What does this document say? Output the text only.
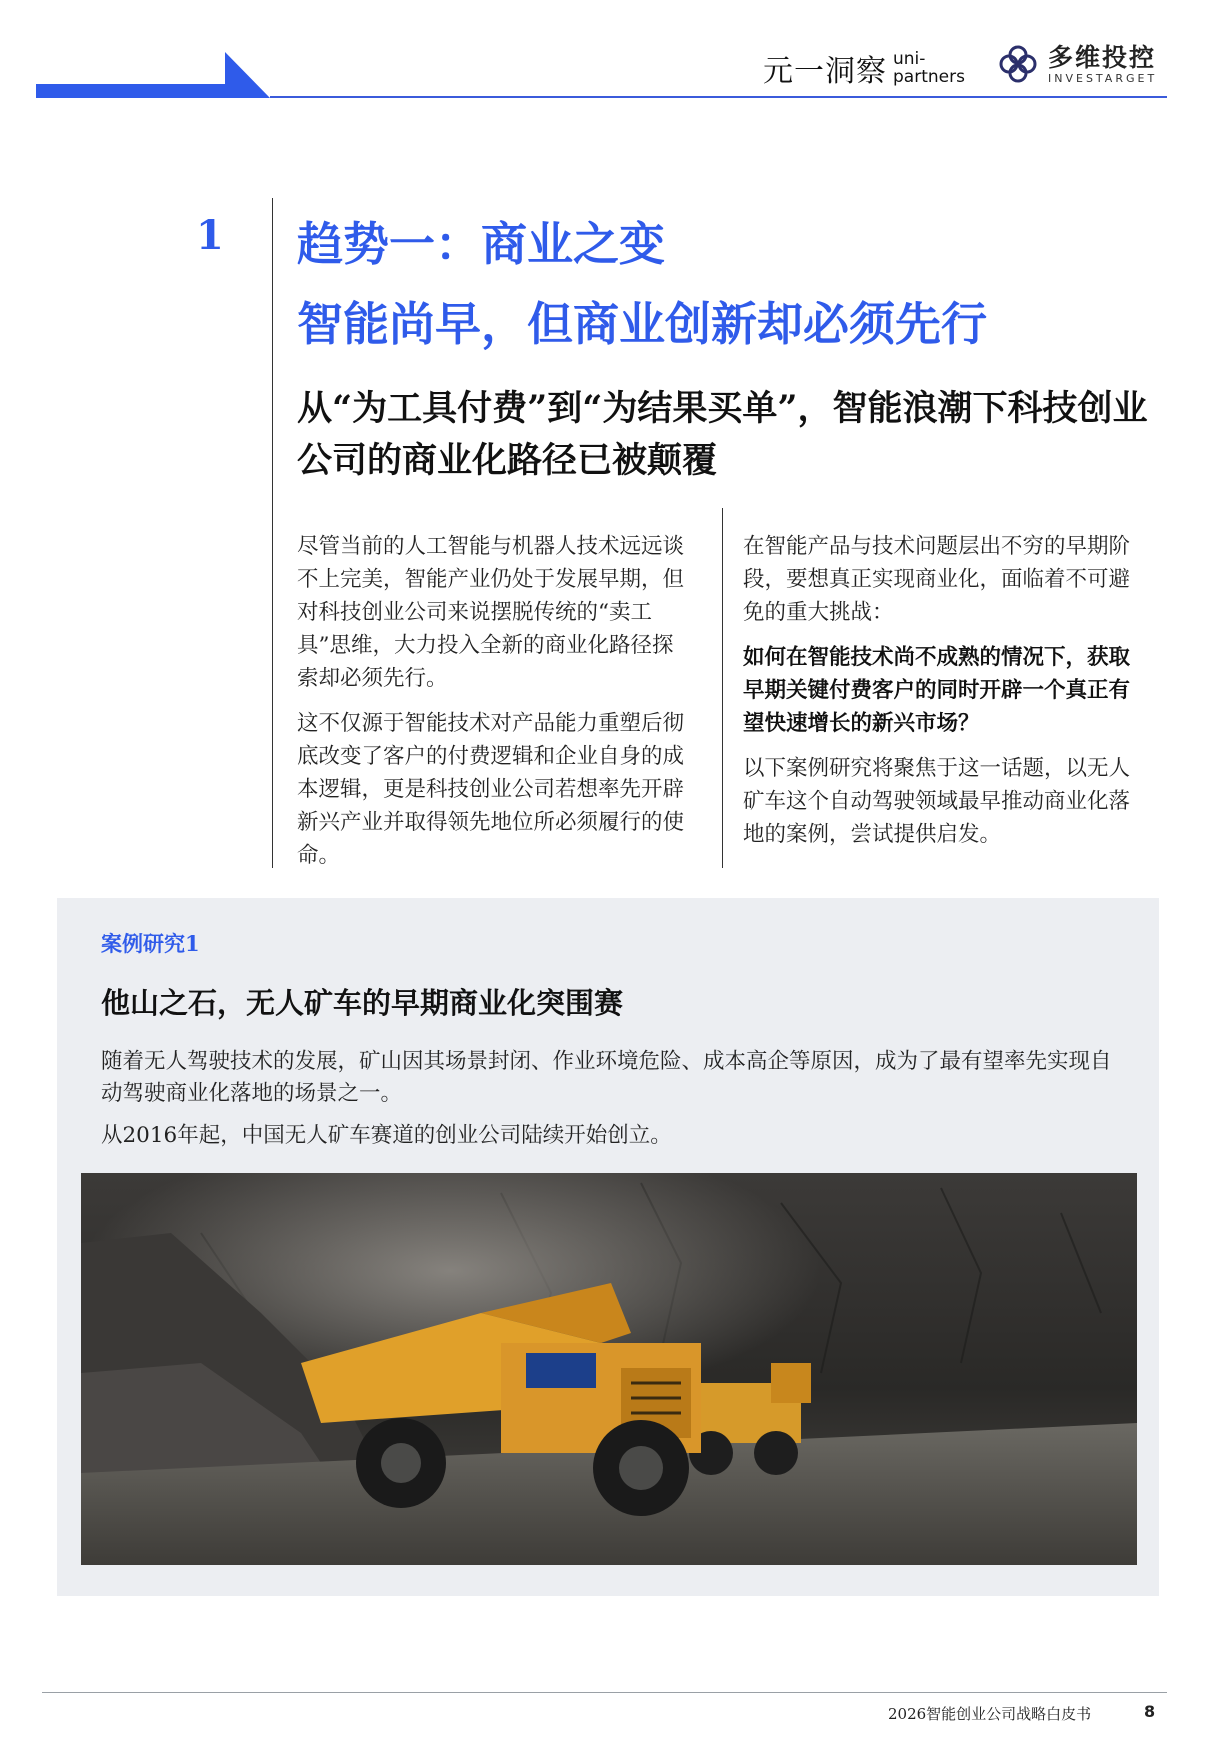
元一洞察 uni-
partners
多维投控
INVESTARGET
1 趋势一：商业之变
智能尚早，但商业创新却必须先行
从“为工具付费”到“为结果买单”，智能浪潮下科技创业公司的商业化路径已被颠覆

尽管当前的人工智能与机器人技术远远谈不上完美，智能产业仍处于发展早期，但对科技创业公司来说摆脱传统的“卖工具”思维，大力投入全新的商业化路径探索却必须先行。

这不仅源于智能技术对产品能力重塑后彻底改变了客户的付费逻辑和企业自身的成本逻辑，更是科技创业公司若想率先开辟新兴产业并取得领先地位所必须履行的使命。

在智能产品与技术问题层出不穷的早期阶段，要想真正实现商业化，面临着不可避免的重大挑战：

如何在智能技术尚不成熟的情况下，获取早期关键付费客户的同时开辟一个真正有望快速增长的新兴市场？

以下案例研究将聚焦于这一话题，以无人矿车这个自动驾驶领域最早推动商业化落地的案例，尝试提供启发。

案例研究1
他山之石，无人矿车的早期商业化突围赛
随着无人驾驶技术的发展，矿山因其场景封闭、作业环境危险、成本高企等原因，成为了最有望率先实现自动驾驶商业化落地的场景之一。
从2016年起，中国无人矿车赛道的创业公司陆续开始创立。
2026智能创业公司战略白皮书	8
